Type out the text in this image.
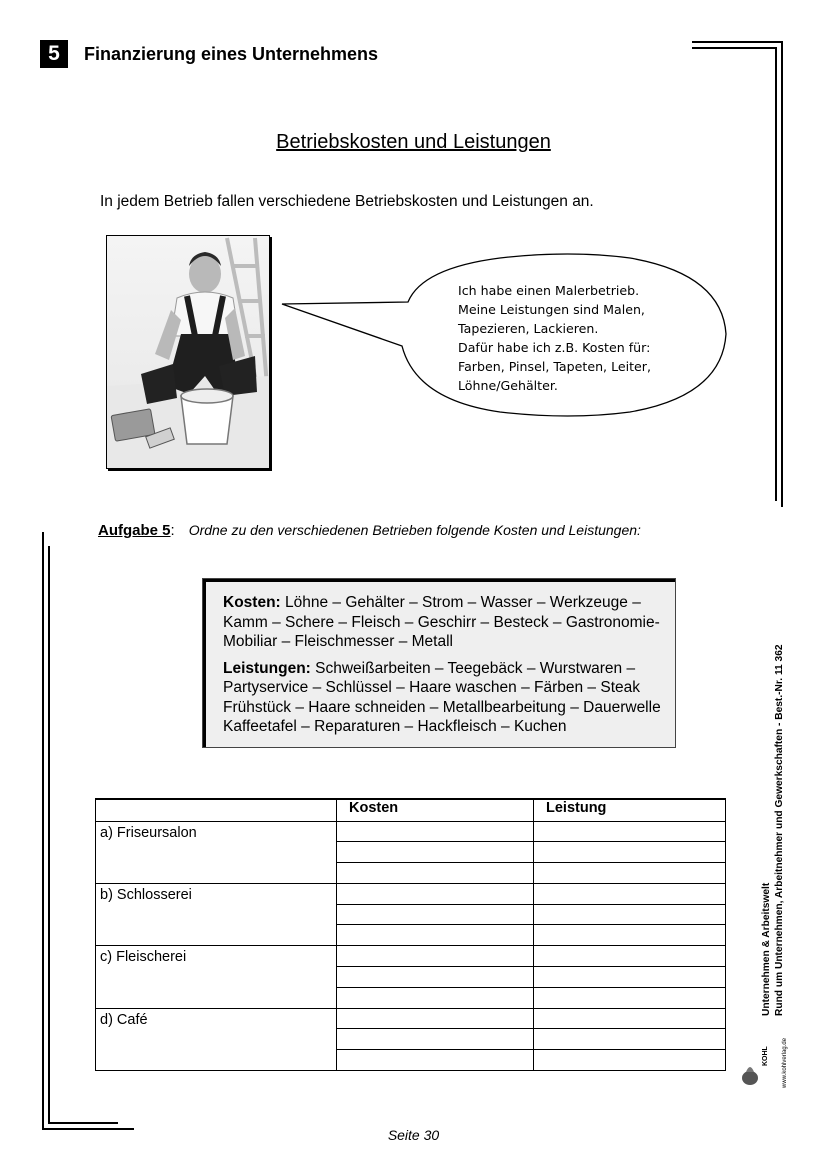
5	Finanzierung eines Unternehmens
Betriebskosten und Leistungen
In jedem Betrieb fallen verschiedene Betriebskosten und Leistungen an.
Ich habe einen Malerbetrieb.
Meine Leistungen sind Malen,
Tapezieren, Lackieren.
Dafür habe ich z.B. Kosten für:
Farben, Pinsel, Tapeten, Leiter,
Löhne/Gehälter.
Aufgabe 5: Ordne zu den verschiedenen Betrieben folgende Kosten und Leistungen:

Kosten: Löhne – Gehälter – Strom – Wasser – Werkzeuge – Kamm – Schere – Fleisch – Geschirr – Besteck – Gastronomie-Mobiliar – Fleischmesser – Metall

Leistungen: Schweißarbeiten – Teegebäck – Wurstwaren – Partyservice – Schlüssel – Haare waschen – Färben – Steak Frühstück – Haare schneiden – Metallbearbeitung – Dauerwelle Kaffeetafel – Reparaturen – Hackfleisch – Kuchen

	Kosten	Leistung
a) Friseursalon		

b) Schlosserei		

c) Fleischerei		

d) Café		

Unternehmen & Arbeitswelt Rund um Unternehmen, Arbeitnehmer und Gewerkschaften - Best.-Nr. 11 362
KOHL www.kohlverlag.de
Seite 30
